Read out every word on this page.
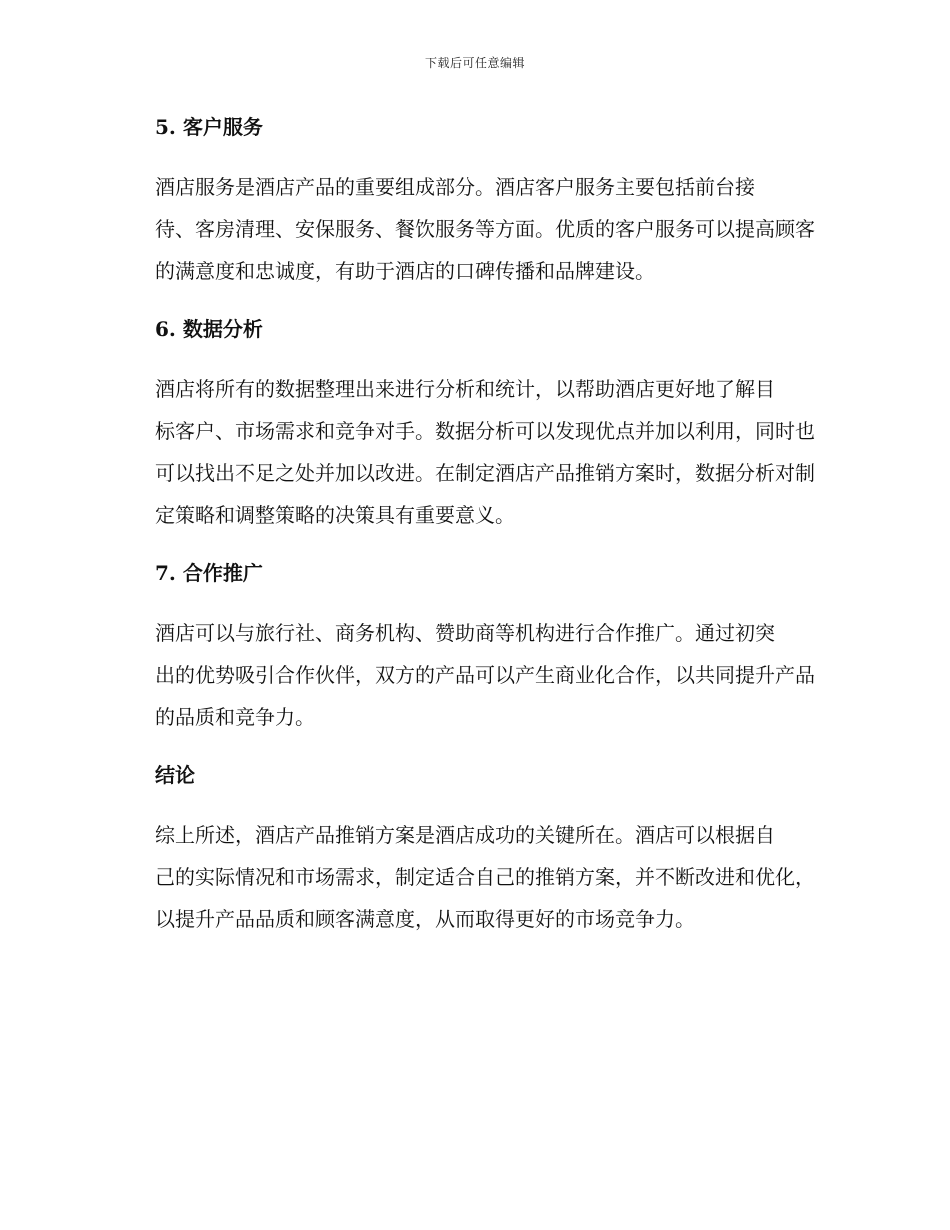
下载后可任意编辑
5. 客户服务

酒店服务是酒店产品的重要组成部分。酒店客户服务主要包括前台接
待、客房清理、安保服务、餐饮服务等方面。优质的客户服务可以提高顾客
的满意度和忠诚度，有助于酒店的口碑传播和品牌建设。

6. 数据分析

酒店将所有的数据整理出来进行分析和统计，以帮助酒店更好地了解目
标客户、市场需求和竞争对手。数据分析可以发现优点并加以利用，同时也
可以找出不足之处并加以改进。在制定酒店产品推销方案时，数据分析对制
定策略和调整策略的决策具有重要意义。

7. 合作推广

酒店可以与旅行社、商务机构、赞助商等机构进行合作推广。通过初突
出的优势吸引合作伙伴，双方的产品可以产生商业化合作，以共同提升产品
的品质和竞争力。

结论

综上所述，酒店产品推销方案是酒店成功的关键所在。酒店可以根据自
己的实际情况和市场需求，制定适合自己的推销方案，并不断改进和优化，
以提升产品品质和顾客满意度，从而取得更好的市场竞争力。
